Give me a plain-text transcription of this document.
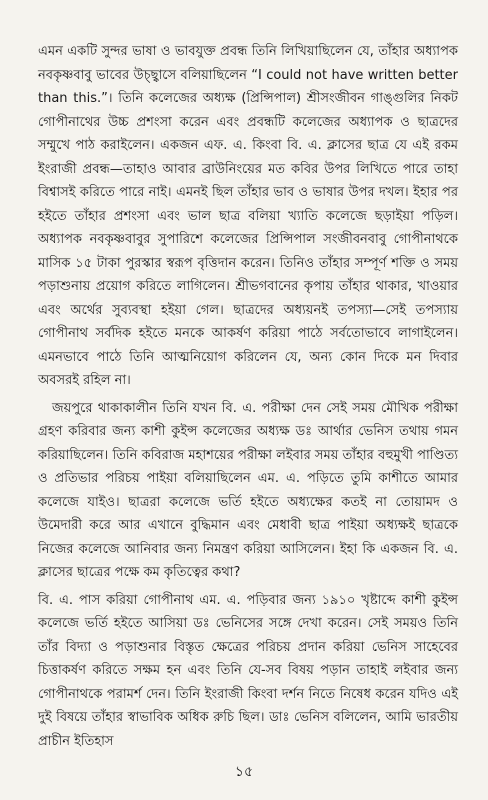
এমন একটি সুন্দর ভাষা ও ভাবযুক্ত প্রবন্ধ তিনি লিখিয়াছিলেন যে, তাঁহার অধ্যাপক নবকৃষ্ণবাবু ভাবের উচ্ছ্বাসে বলিয়াছিলেন “I could not have written better than this.”। তিনি কলেজের অধ্যক্ষ (প্রিন্সিপাল) শ্রীসংজীবন গাঙ্গুলির নিকট গোপীনাথের উচ্চ প্রশংসা করেন এবং প্রবন্ধটি কলেজের অধ্যাপক ও ছাত্রদের সম্মুখে পাঠ করাইলেন। একজন এফ. এ. কিংবা বি. এ. ক্লাসের ছাত্র যে এই রকম ইংরাজী প্রবন্ধ—তাহাও আবার ব্রাউনিংয়ের মত কবির উপর লিখিতে পারে তাহা বিশ্বাসই করিতে পারে নাই। এমনই ছিল তাঁহার ভাব ও ভাষার উপর দখল। ইহার পর হইতে তাঁহার প্রশংসা এবং ভাল ছাত্র বলিয়া খ্যাতি কলেজে ছড়াইয়া পড়িল। অধ্যাপক নবকৃষ্ণবাবুর সুপারিশে কলেজের প্রিন্সিপাল সংজীবনবাবু গোপীনাথকে মাসিক ১৫ টাকা পুরস্কার স্বরূপ বৃত্তিদান করেন। তিনিও তাঁহার সম্পূর্ণ শক্তি ও সময় পড়াশুনায় প্রয়োগ করিতে লাগিলেন। শ্রীভগবানের কৃপায় তাঁহার থাকার, খাওয়ার এবং অর্থের সুব্যবস্থা হইয়া গেল। ছাত্রদের অধ্যয়নই তপস্যা—সেই তপস্যায় গোপীনাথ সর্বদিক হইতে মনকে আকর্ষণ করিয়া পাঠে সর্বতোভাবে লাগাইলেন। এমনভাবে পাঠে তিনি আত্মনিয়োগ করিলেন যে, অন্য কোন দিকে মন দিবার অবসরই রহিল না।

জয়পুরে থাকাকালীন তিনি যখন বি. এ. পরীক্ষা দেন সেই সময় মৌখিক পরীক্ষা গ্রহণ করিবার জন্য কাশী কুইন্স কলেজের অধ্যক্ষ ডঃ আর্থার ভেনিস তথায় গমন করিয়াছিলেন। তিনি কবিরাজ মহাশয়ের পরীক্ষা লইবার সময় তাঁহার বহুমুখী পাণ্ডিত্য ও প্রতিভার পরিচয় পাইয়া বলিয়াছিলেন এম. এ. পড়িতে তুমি কাশীতে আমার কলেজে যাইও। ছাত্ররা কলেজে ভর্তি হইতে অধ্যক্ষের কতই না তোয়ামদ ও উমেদারী করে আর এখানে বুদ্ধিমান এবং মেধাবী ছাত্র পাইয়া অধ্যক্ষই ছাত্রকে নিজের কলেজে আনিবার জন্য নিমন্ত্রণ করিয়া আসিলেন। ইহা কি একজন বি. এ. ক্লাসের ছাত্রের পক্ষে কম কৃতিত্বের কথা?

বি. এ. পাস করিয়া গোপীনাথ এম. এ. পড়িবার জন্য ১৯১০ খৃষ্টাব্দে কাশী কুইন্স কলেজে ভর্তি হইতে আসিয়া ডঃ ভেনিসের সঙ্গে দেখা করেন। সেই সময়ও তিনি তাঁর বিদ্যা ও পড়াশুনার বিস্তৃত ক্ষেত্রের পরিচয় প্রদান করিয়া ভেনিস সাহেবের চিত্তাকর্ষণ করিতে সক্ষম হন এবং তিনি যে-সব বিষয় পড়ান তাহাই লইবার জন্য গোপীনাথকে পরামর্শ দেন। তিনি ইংরাজী কিংবা দর্শন নিতে নিষেধ করেন যদিও এই দুই বিষয়ে তাঁহার স্বাভাবিক অধিক রুচি ছিল। ডাঃ ভেনিস বলিলেন, আমি ভারতীয় প্রাচীন ইতিহাস

১৫
